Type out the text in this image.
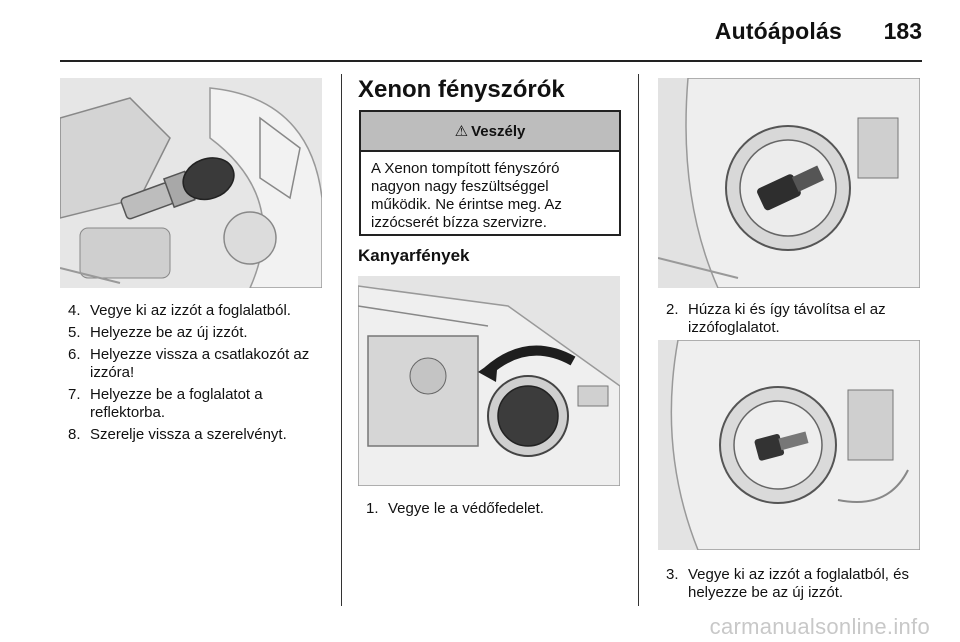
Autóápolás 183
4. Vegye ki az izzót a foglalatból.
5. Helyezze be az új izzót.
6. Helyezze vissza a csatlakozót az izzóra!
7. Helyezze be a foglalatot a reflektorba.
8. Szerelje vissza a szerelvényt.
Xenon fényszórók
⚠ Veszély
A Xenon tompított fényszóró nagyon nagy feszültséggel működik. Ne érintse meg. Az izzócserét bízza szervizre.
Kanyarfények
1. Vegye le a védőfedelet.
2. Húzza ki és így távolítsa el az izzófoglalatot.
3. Vegye ki az izzót a foglalatból, és helyezze be az új izzót.
carmanualsonline.info
